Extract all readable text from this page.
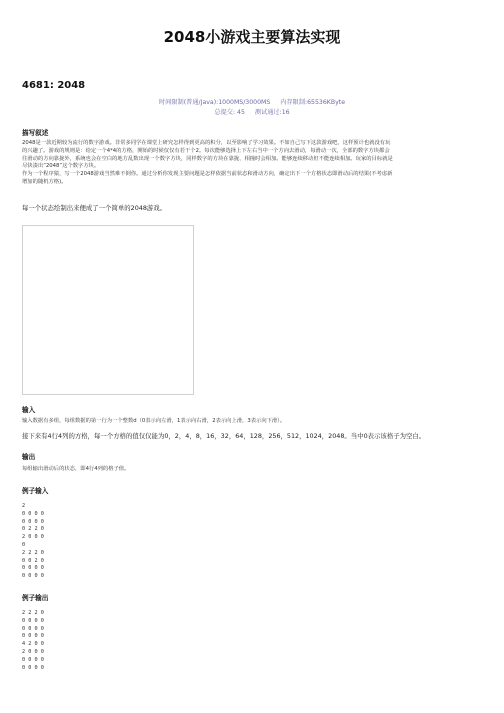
2048小游戏主要算法实现
4681: 2048
时间限制(普通/Java):1000MS/3000MS 内存限制:65536KByte
总提交: 45 测试通过:16
描写叙述
2048是一款近期较为流行的数字游戏。非常多同学在课堂上研究怎样得到更高的积分，以至影响了学习效果。不如自己写下这款游戏吧，这样预计也就没有玩
的兴趣了。游戏的规则是：给定一个4*4的方格，開始的时候仅仅有若干个2。每次能够选择上下左右当中一个方向去滑动，每滑动一次，全部的数字方块都会
往滑动的方向靠拢外，系统也会在空白的地方乱数出现一个数字方块，同样数字的方块在靠拢、相撞时会相加。能够连续移动但不能连续相加。玩家的目标就是
尽快凑出“2048”这个数字方块。
作为一个程序猿，写一个2048游戏当然难不倒你。通过分析你发现主要问题是怎样依据当前状态和滑动方向，确定出下一个方格状态即滑动后的结果(不考虑新
增加的随机方格)。
每一个状态绘制出来便成了一个简单的2048游戏。
输入
输入数据有多组，每组数据的第一行为一个整数d（0表示向左滑，1表示向右滑，2表示向上滑，3表示向下滑）。
接下来有4行4列的方格，每一个方格的值仅仅能为0，2，4，8，16，32，64，128，256，512，1024，2048。当中0表示该格子为空白。
输出
每组输出滑动后的状态，即4行4列的格子值。
例子输入
2
0 0 0 0
0 0 0 0
0 2 2 0
2 0 0 0
0
2 2 2 0
0 0 2 0
0 0 0 0
0 0 0 0
例子输出
2 2 2 0
0 0 0 0
0 0 0 0
0 0 0 0
4 2 0 0
2 0 0 0
0 0 0 0
0 0 0 0
